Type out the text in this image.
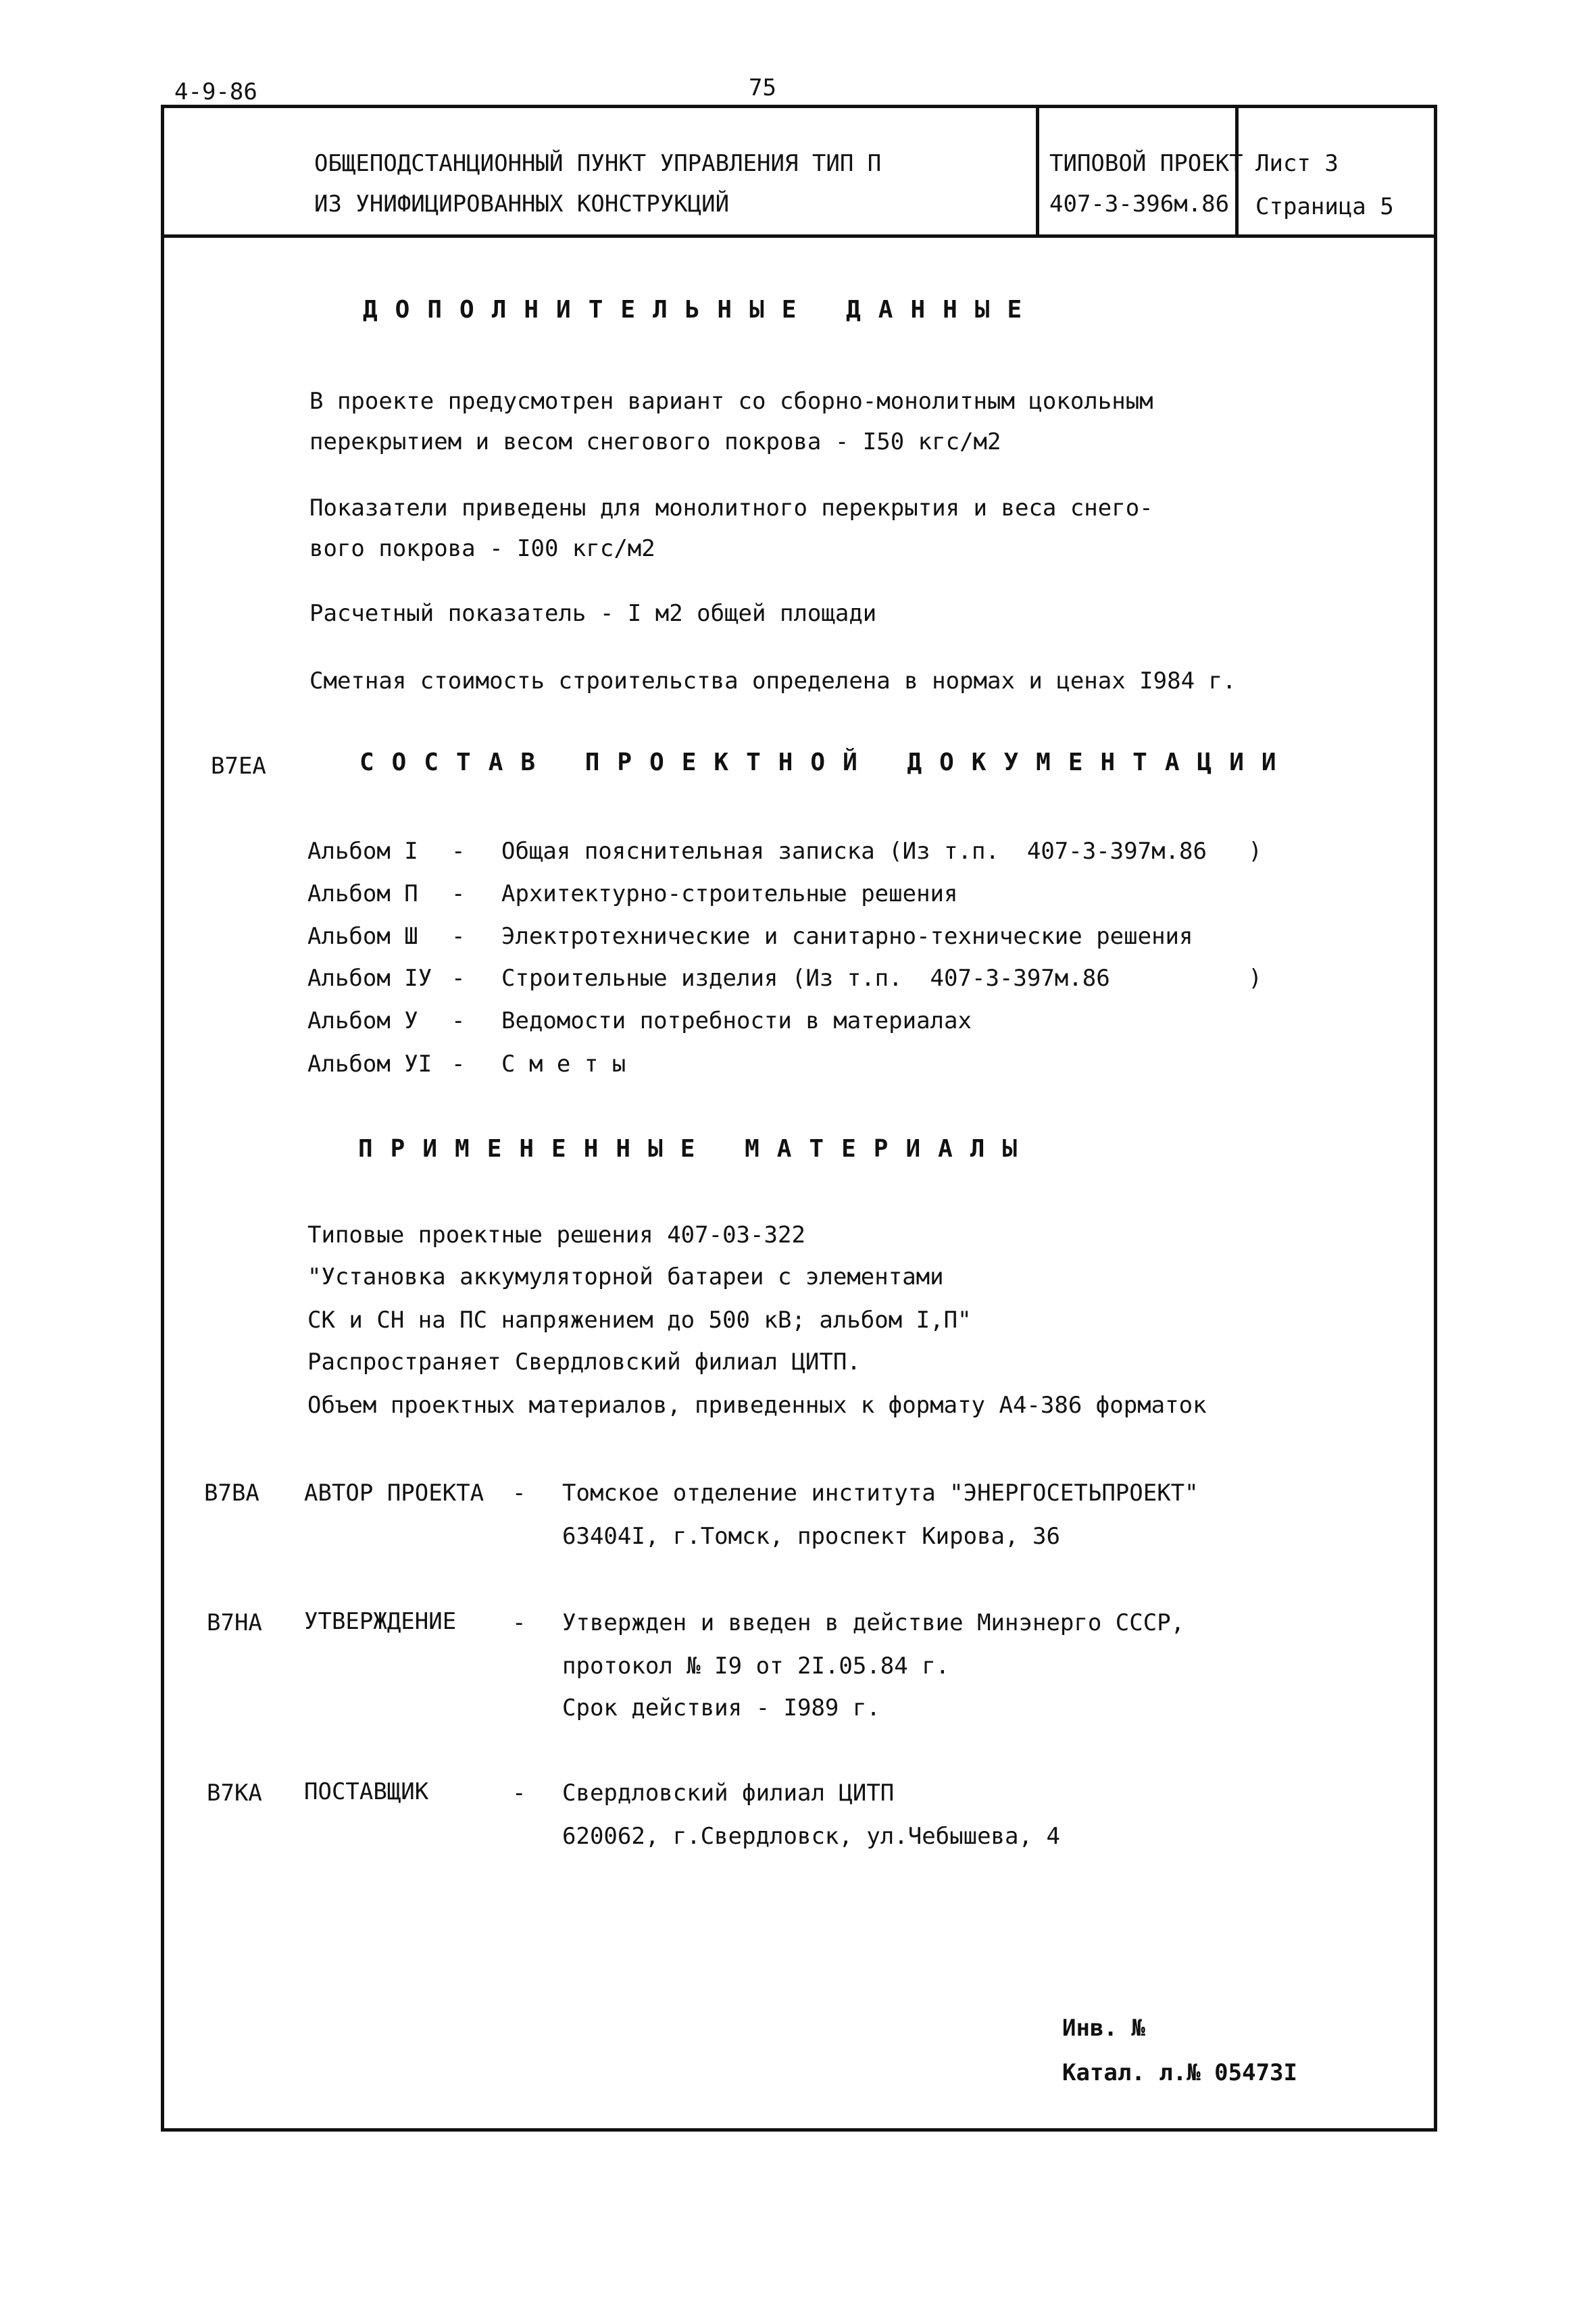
4-9-86	75
ОБЩЕПОДСТАНЦИОННЫЙ ПУНКТ УПРАВЛЕНИЯ ТИП П
ИЗ УНИФИЦИРОВАННЫХ КОНСТРУКЦИЙ
ТИПОВОЙ ПРОЕКТ
407-3-396м.86
Лист 3
Страница 5
ДОПОЛНИТЕЛЬНЫЕ ДАННЫЕ
В проекте предусмотрен вариант со сборно-монолитным цокольным
перекрытием и весом снегового покрова - I50 кгс/м2
Показатели приведены для монолитного перекрытия и веса снего-
вого покрова - I00 кгс/м2
Расчетный показатель - I м2 общей площади
Сметная стоимость строительства определена в нормах и ценах I984 г.
В7ЕА	СОСТАВ ПРОЕКТНОЙ ДОКУМЕНТАЦИИ
Альбом I - Общая пояснительная записка (Из т.п.  407-3-397м.86   )
Альбом П - Архитектурно-строительные решения
Альбом Ш - Электротехнические и санитарно-технические решения
Альбом IУ - Строительные изделия (Из т.п.  407-3-397м.86          )
Альбом У - Ведомости потребности в материалах
Альбом УI - С м е т ы
ПРИМЕНЕННЫЕ МАТЕРИАЛЫ
Типовые проектные решения 407-03-322
"Установка аккумуляторной батареи с элементами
СК и СН на ПС напряжением до 500 кВ; альбом I,П"
Распространяет Свердловский филиал ЦИТП.
Объем проектных материалов, приведенных к формату А4-386 форматок
В7ВА АВТОР ПРОЕКТА - Томское отделение института "ЭНЕРГОСЕТЬПРОЕКТ"
63404I, г.Томск, проспект Кирова, 36
В7НА УТВЕРЖДЕНИЕ - Утвержден и введен в действие Минэнерго СССР,
протокол № I9 от 2I.05.84 г.
Срок действия - I989 г.
В7КА ПОСТАВЩИК	- Свердловский филиал ЦИТП
620062, г.Свердловск, ул.Чебышева, 4
Инв. №
Катал. л.№ 05473I
